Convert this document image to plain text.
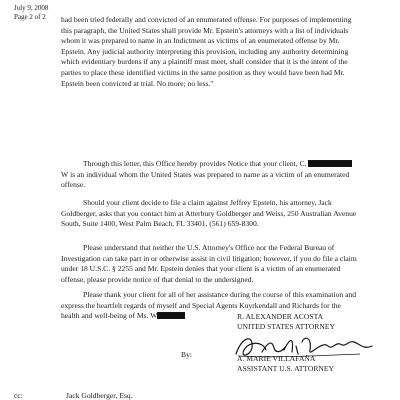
July 9, 2008
Page 2 of 2	had been tried federally and convicted of an enumerated offense. For purposes of implementing this paragraph, the United States shall provide Mr. Epstein's attorneys with a list of individuals whom it was prepared to name in an Indictment as victims of an enumerated offense by Mr. Epstein. Any judicial authority interpreting this provision, including any authority determining which evidentiary burdens if any a plaintiff must meet, shall consider that it is the intent of the parties to place these identified victims in the same position as they would have been had Mr. Epstein been convicted at trial. No more; no less."
Through this letter, this Office hereby provides Notice that your client, C.  W is an individual whom the United States was prepared to name as a victim of an enumerated offense.
Should your client decide to file a claim against Jeffrey Epstein, his attorney, Jack Goldberger, asks that you contact him at Atterbury Goldberger and Weiss, 250 Australian Avenue South, Suite 1400, West Palm Beach, FL 33401, (561) 659-8300.
Please understand that neither the U.S. Attorney's Office nor the Federal Bureau of Investigation can take part in or otherwise assist in civil litigation; however, if you do file a claim under 18 U.S.C. § 2255 and Mr. Epstein denies that your client is a victim of an enumerated offense, please provide notice of that denial to the undersigned.
Please thank your client for all of her assistance during the course of this examination and express the heartfelt regards of myself and Special Agents Kuyrkendall and Richards for the health and well-being of Ms. W	R. ALEXANDER ACOSTA
UNITED STATES ATTORNEY
By:	A. MARIE VILLAFAÑA
ASSISTANT U.S. ATTORNEY
cc:	Jack Goldberger, Esq.
